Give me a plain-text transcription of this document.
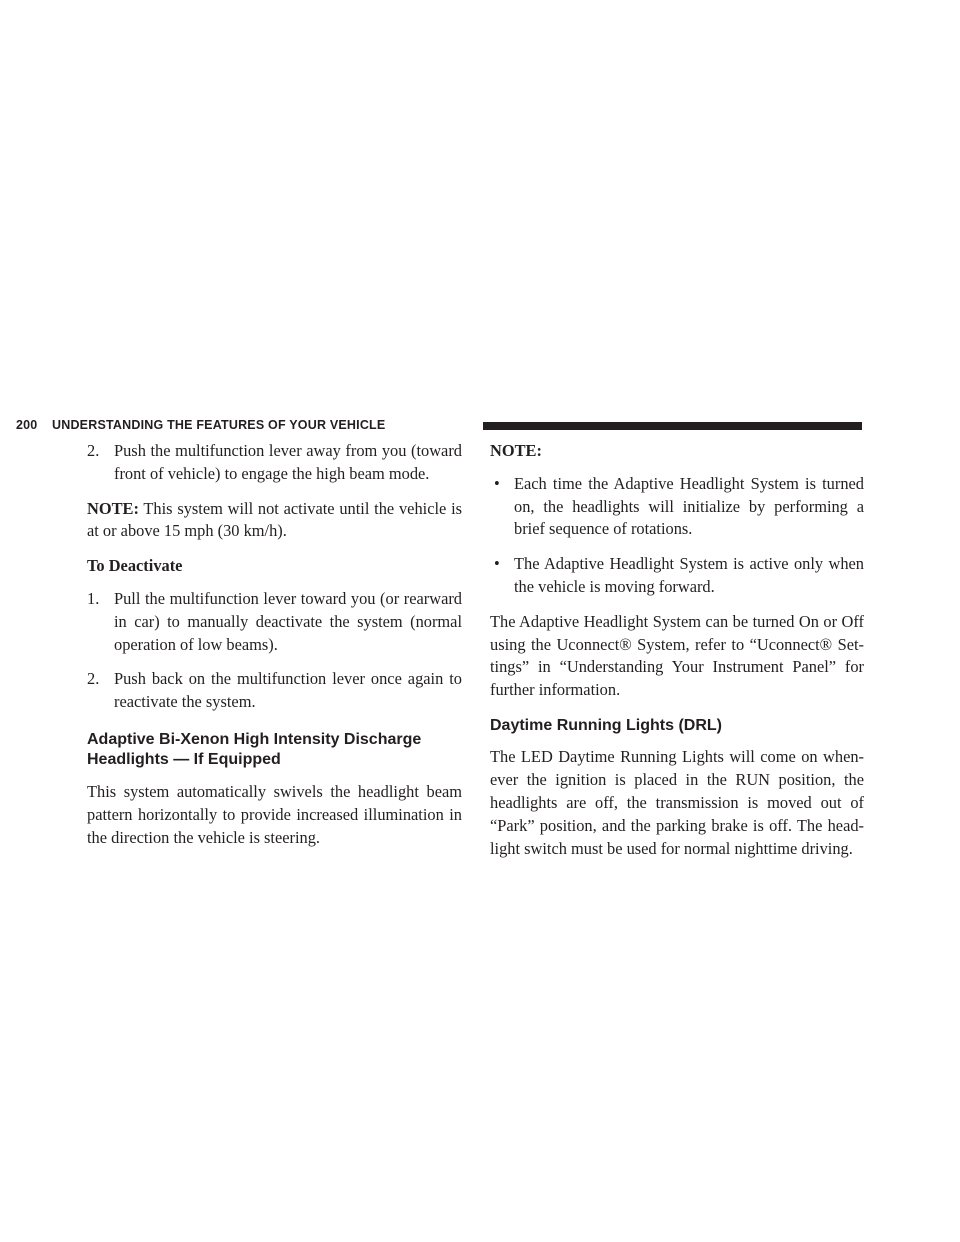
200 UNDERSTANDING THE FEATURES OF YOUR VEHICLE

2. Push the multifunction lever away from you (toward front of vehicle) to engage the high beam mode.

NOTE: This system will not activate until the vehicle is at or above 15 mph (30 km/h).

To Deactivate

1. Pull the multifunction lever toward you (or rearward in car) to manually deactivate the system (normal operation of low beams).

2. Push back on the multifunction lever once again to reactivate the system.

Adaptive Bi-Xenon High Intensity Discharge
Headlights — If Equipped

This system automatically swivels the headlight beam pattern horizontally to provide increased illumination in the direction the vehicle is steering.

NOTE:

• Each time the Adaptive Headlight System is turned on, the headlights will initialize by performing a brief sequence of rotations.
• The Adaptive Headlight System is active only when the vehicle is moving forward.

The Adaptive Headlight System can be turned On or Off using the Uconnect® System, refer to “Uconnect® Set-tings” in “Understanding Your Instrument Panel” for further information.

Daytime Running Lights (DRL)

The LED Daytime Running Lights will come on when-ever the ignition is placed in the RUN position, the headlights are off, the transmission is moved out of “Park” position, and the parking brake is off. The head-light switch must be used for normal nighttime driving.
